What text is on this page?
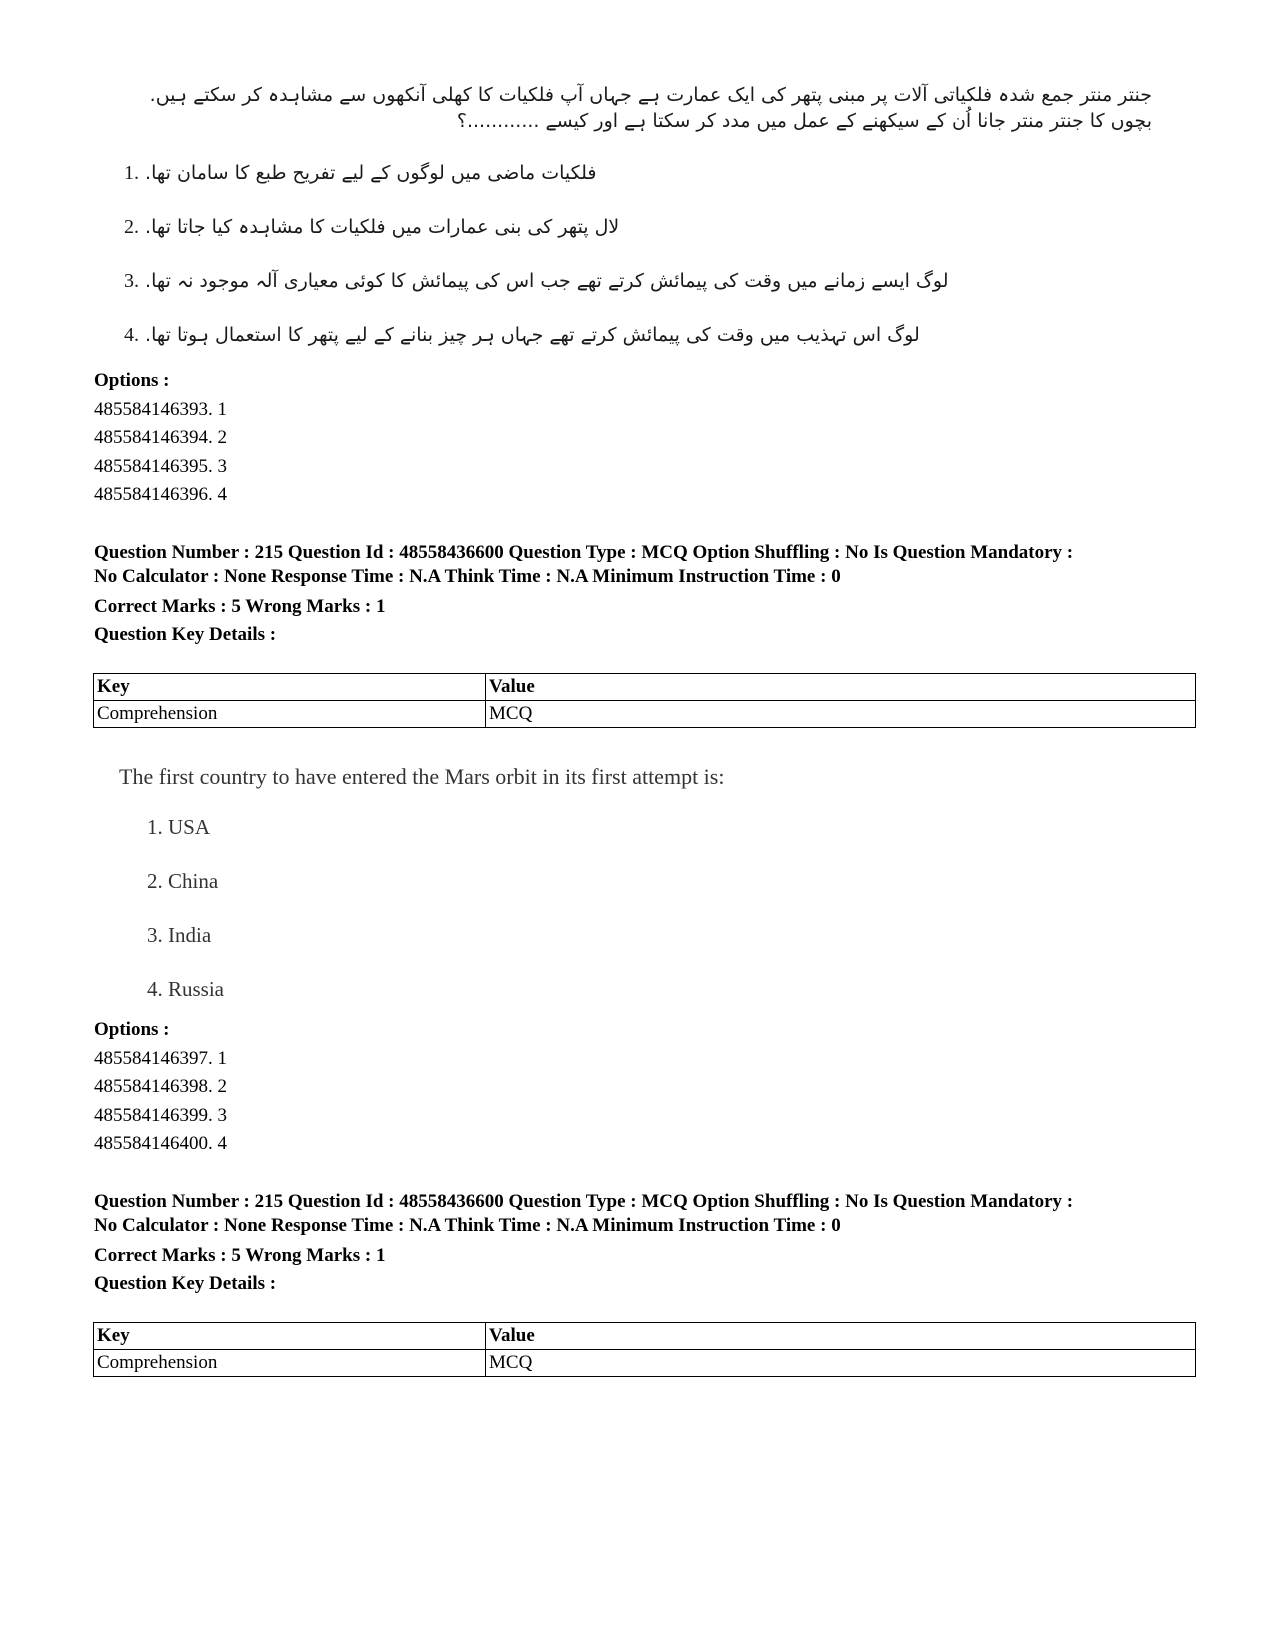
جنتر منتر جمع شدہ فلکیاتی آلات پر مبنی پتھر کی ایک عمارت ہے جہاں آپ فلکیات کا کھلی آنکھوں سے مشاہدہ کر سکتے ہیں. بچوں کا جنتر منتر جانا اُن کے سیکھنے کے عمل میں مدد کر سکتا ہے اور کیسے ............؟
1. فلکیات ماضی میں لوگوں کے لیے تفریح طبع کا سامان تھا.
2. لال پتھر کی بنی عمارات میں فلکیات کا مشاہدہ کیا جاتا تھا.
3. لوگ ایسے زمانے میں وقت کی پیمائش کرتے تھے جب اس کی پیمائش کا کوئی معیاری آلہ موجود نہ تھا.
4. لوگ اس تہذیب میں وقت کی پیمائش کرتے تھے جہاں ہر چیز بنانے کے لیے پتھر کا استعمال ہوتا تھا.
Options :
485584146393. 1
485584146394. 2
485584146395. 3
485584146396. 4
Question Number : 215 Question Id : 48558436600 Question Type : MCQ Option Shuffling : No Is Question Mandatory :
No Calculator : None Response Time : N.A Think Time : N.A Minimum Instruction Time : 0
Correct Marks : 5 Wrong Marks : 1
Question Key Details :
Key	Value
Comprehension	MCQ
The first country to have entered the Mars orbit in its first attempt is:
1. USA
2. China
3. India
4. Russia
Options :
485584146397. 1
485584146398. 2
485584146399. 3
485584146400. 4
Question Number : 215 Question Id : 48558436600 Question Type : MCQ Option Shuffling : No Is Question Mandatory :
No Calculator : None Response Time : N.A Think Time : N.A Minimum Instruction Time : 0
Correct Marks : 5 Wrong Marks : 1
Question Key Details :
Key	Value
Comprehension	MCQ
